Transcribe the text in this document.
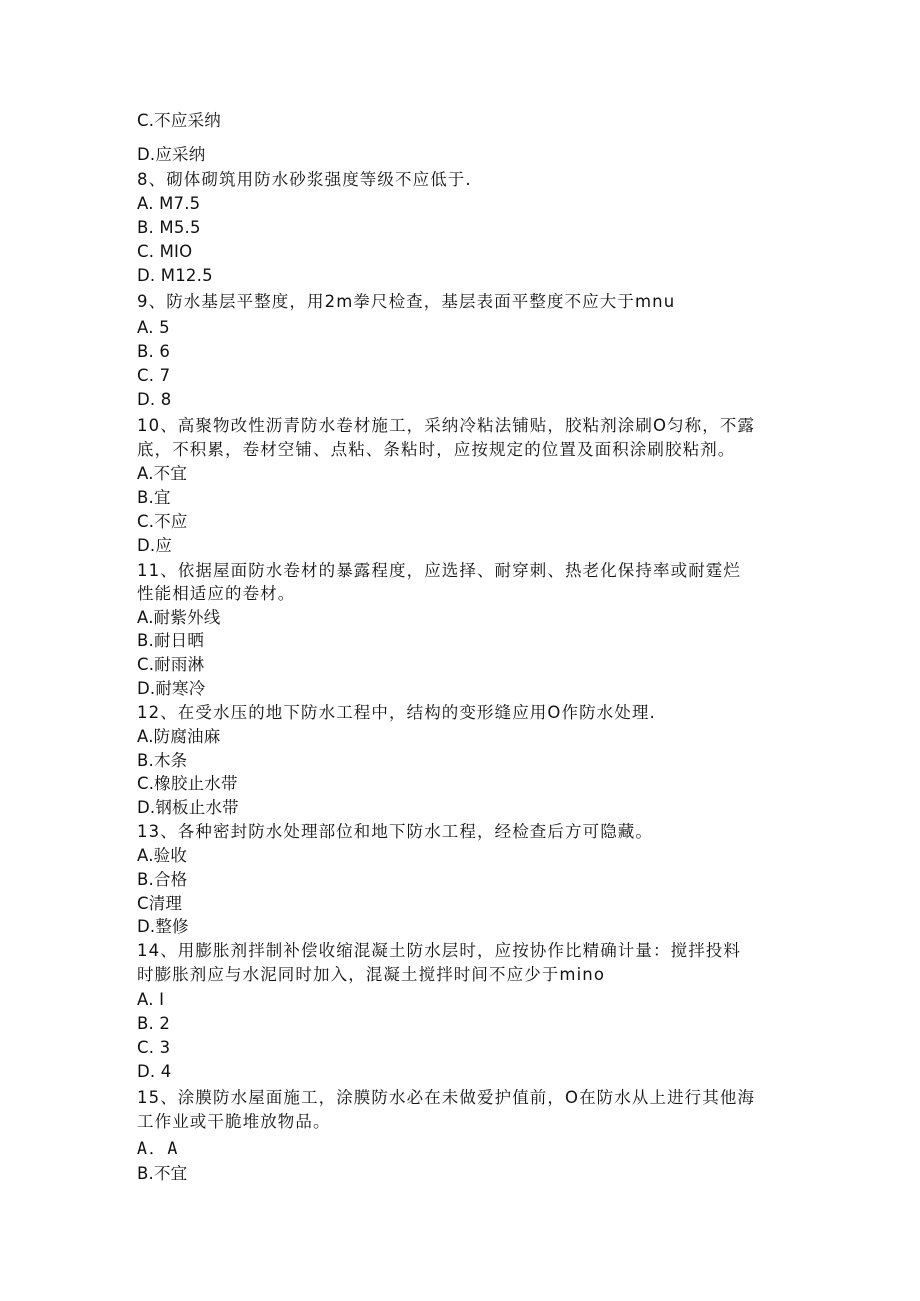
C.不应采纳
D.应采纳
8、砌体砌筑用防水砂浆强度等级不应低于.
A. M7.5
B. M5.5
C. MIO
D. M12.5
9、防水基层平整度，用2m拳尺检查，基层表面平整度不应大于mnu
A. 5
B. 6
C. 7
D. 8
10、高聚物改性沥青防水卷材施工，采纳冷粘法铺贴，胶粘剂涂刷O匀称，不露
底，不积累，卷材空铺、点粘、条粘时，应按规定的位置及面积涂刷胶粘剂。
A.不宜
B.宜
C.不应
D.应
11、依据屋面防水卷材的暴露程度，应选择、耐穿刺、热老化保持率或耐霆烂
性能相适应的卷材。
A.耐紫外线
B.耐日晒
C.耐雨淋
D.耐寒冷
12、在受水压的地下防水工程中，结构的变形缝应用O作防水处理.
A.防腐油麻
B.木条
C.橡胶止水带
D.钢板止水带
13、各种密封防水处理部位和地下防水工程，经检查后方可隐藏。
A.验收
B.合格
C清理
D.整修
14、用膨胀剂拌制补偿收缩混凝土防水层时，应按协作比精确计量：搅拌投料
时膨胀剂应与水泥同时加入，混凝土搅拌时间不应少于mino
A. I
B. 2
C. 3
D. 4
15、涂膜防水屋面施工，涂膜防水必在未做爱护值前，O在防水从上进行其他海
工作业或干脆堆放物品。
A．A
B.不宜
